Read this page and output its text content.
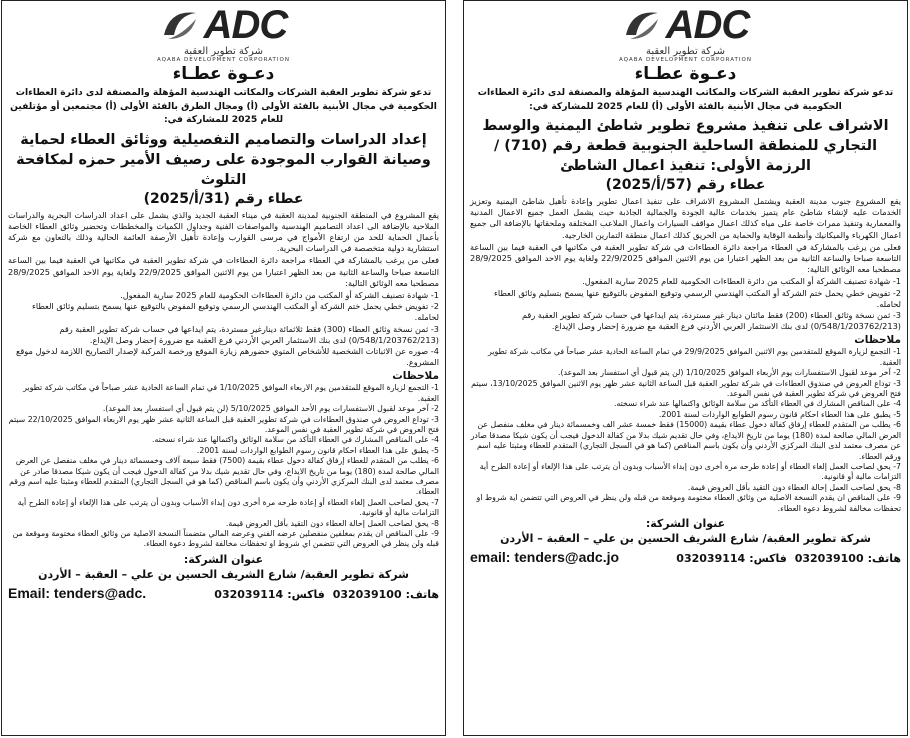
ADC
شركة تطوير العقبة
AQABA DEVELOPMENT CORPORATION
دعـوة عطـاء
تدعو شركة تطوير العقبة الشركات والمكاتب الهندسية المؤهلة والمصنفة لدى دائرة العطاءات الحكومية في مجال الأبنية بالفئة الأولى (أ) للعام 2025 للمشاركة في:
الاشراف على تنفيذ مشروع تطوير شاطئ اليمنية والوسط التجاري للمنطقة الساحلية الجنوبية قطعة رقم (710) / الرزمة الأولى: تنفيذ اعمال الشاطئ
عطاء رقم (57/أ/2025)

يقع المشروع جنوب مدينة العقبة ويشتمل المشروع الاشراف على تنفيذ اعمال تطوير وإعادة تأهيل شاطئ اليمنية وتعزيز الخدمات عليه لإنشاء شاطئ عام يتميز بخدمات عالية الجودة والجمالية الجاذبة حيث يشمل العمل جميع الاعمال المدنية والمعمارية وتنفيذ ممرات خاصة على مياه كذلك اعمال مواقف السيارات واعمال الملاعب المختلفة وملحقاتها بالإضافة الى جميع اعمال الكهرباء والميكانيك وأنظمة الوقاية والحماية من الحريق كذلك اعمال منطقة التمارين الخارجية.

فعلى من يرغب بالمشاركة في العطاء مراجعة دائرة العطاءات في شركة تطوير العقبة في مكاتبها في العقبة فيما بين الساعة التاسعة صباحا والساعة الثانية من بعد الظهر اعتبارا من يوم الاثنين الموافق 22/9/2025 ولغاية يوم الاحد الموافق 28/9/2025 مصطحبا معه الوثائق التالية:

1- شهادة تصنيف الشركة أو المكتب من دائرة العطاءات الحكومية للعام 2025 سارية المفعول.
2- تفويض خطي يحمل ختم الشركة أو المكتب الهندسي الرسمي وتوقيع المفوض بالتوقيع عنها يسمح بتسليم وثائق العطاء لحامله.
3- ثمن نسخة وثائق العطاء (200) فقط مائتان دينار غير مستردة، يتم ايداعها في حساب شركة تطوير العقبة رقم (0/548/1/203762/213) لدى بنك الاستثمار العربي الأردني فرع العقبة مع ضرورة إحضار وصل الإيداع.
ملاحظات
1- التجمع لزيارة الموقع للمتقدمين يوم الاثنين الموافق 29/9/2025 في تمام الساعة الحادية عشر صباحاً في مكاتب شركة تطوير العقبة.
2- آخر موعد لقبول الاستفسارات يوم الأربعاء الموافق 1/10/2025 (لن يتم قبول أي استفسار بعد الموعد).
3- توداع العروض في صندوق العطاءات في شركة تطوير العقبة قبل الساعة الثانية عشر ظهر يوم الاثنين الموافق 13/10/2025، سيتم فتح العروض في شركة تطوير العقبة في نفس الموعد.
4- على المناقص المشارك في العطاء التأكد من سلامة الوثائق واكتمالها عند شراء نسخته.
5- يطبق على هذا العطاء احكام قانون رسوم الطوابع الواردات لسنة 2001.
6- يطلب من المتقدم للعطاء إرفاق كفالة دخول عطاء بقيمة (15000) فقط خمسة عشر الف وخمسمائة دينار في مغلف منفصل عن العرض المالي صالحة لمدة (180) يوما من تاريخ الايداع، وفي حال تقديم شيك بدلا من كفالة الدخول فيجب أن يكون شيكا مصدقا صادر عن مصرف معتمد لدى البنك المركزي الأردني وأن يكون باسم المناقص (كما هو في السجل التجاري) المتقدم للعطاء ومثبتا عليه اسم ورقم العطاء.
7- يحق لصاحب العمل إلغاء العطاء أو إعادة طرحه مرة أخرى دون إبداء الأسباب وبدون أن يترتب على هذا الإلغاء أو إعادة الطرح أية التزامات مالية أو قانونية.
8- يحق لصاحب العمل إحالة العطاء دون التقيد بأقل العروض قيمة.
9- على المناقص ان يقدم النسخة الاصلية من وثائق العطاء مختومة وموقعة من قبله ولن ينظر في العروض التي تتضمن اية شروط او تحفظات مخالفة لشروط دعوة العطاء.
عنوان الشركة:
شركة تطوير العقبة/ شارع الشريف الحسين بن علي – العقبة – الأردن
email: tenders@adc.jo	هاتف:032039100 فاكس:032039114
ADC
شركة تطوير العقبة
AQABA DEVELOPMENT CORPORATION
دعـوة عطـاء
تدعو شركة تطوير العقبة الشركات والمكاتب الهندسية المؤهلة والمصنفة لدى دائرة العطاءات الحكومية في مجال الأبنية بالفئة الأولى (أ) ومجال الطرق بالفئة الأولى (أ) مجتمعين أو مؤتلفين للعام 2025 للمشاركة في:
إعداد الدراسات والتصاميم التفصيلية ووثائق العطاء لحماية وصيانة القوارب الموجودة على رصيف الأمير حمزه لمكافحة التلوث
عطاء رقم (31/أ/2025)

يقع المشروع في المنطقة الجنوبية لمدينة العقبة في ميناء العقبة الجديد والذي يشمل على اعداد الدراسات البحرية والدراسات الملاحية بالإضافة الى اعداد التصاميم الهندسية والمواصفات الفنية وجداول الكميات والمخططات وتحضير وثائق العطاء الخاصة بأعمال الحماية للحد من ارتفاع الأمواج في مرسى القوارب وإعادة تأهيل الأرصفة العائمة الحالية وذلك بالتعاون مع شركة استشارية دولية متخصصة في الدراسات البحرية.

فعلى من يرغب بالمشاركة في العطاء مراجعة دائرة العطاءات في شركة تطوير العقبة في مكاتبها في العقبة فيما بين الساعة التاسعة صباحا والساعة الثانية من بعد الظهر اعتبارا من يوم الاثنين الموافق 22/9/2025 ولغاية يوم الاحد الموافق 28/9/2025 مصطحبا معه الوثائق التالية:

1- شهادة تصنيف الشركة أو المكتب من دائرة العطاءات الحكومية للعام 2025 سارية المفعول.
2- تفويض خطي يحمل ختم الشركة أو المكتب الهندسي الرسمي وتوقيع المفوض بالتوقيع عنها يسمح بتسليم وثائق العطاء لحامله.
3- ثمن نسخة وثائق العطاء (300) فقط ثلاثمائة دينارغير مستردة، يتم ايداعها في حساب شركة تطوير العقبة رقم (0/548/1/203762/213) لدى بنك الاستثمار العربي الأردني فرع العقبة مع ضرورة إحضار وصل الإيداع.
4- صوره عن الاثباتات الشخصية للأشخاص المتوي حضورهم زيارة الموقع ورخصة المركبة لإصدار التصاريح اللازمة لدخول موقع المشروع.
ملاحظات
1- التجمع لزيارة الموقع للمتقدمين يوم الاربعاء الموافق 1/10/2025 في تمام الساعة الحادية عشر صباحاً في مكاتب شركة تطوير العقبة.
2- آخر موعد لقبول الاستفسارات يوم الأحد الموافق 5/10/2025 (لن يتم قبول أي استفسار بعد الموعد).
3- توداع العروض في صندوق العطاءات في شركة تطوير العقبة قبل الساعة الثانية عشر ظهر يوم الاربعاء الموافق 22/10/2025 سيتم فتح العروض في شركة تطوير العقبة في نفس الموعد.
4- على المناقص المشارك في العطاء التأكد من سلامة الوثائق واكتمالها عند شراء نسخته.
5- يطبق على هذا العطاء احكام قانون رسوم الطوابع الواردات لسنة 2001.
6- يطلب من المتقدم للعطاء إرفاق كفالة دخول عطاء بقيمة (7500) فقط سبعة آلاف وخمسمائة دينار في مغلف منفصل عن العرض المالي صالحة لمدة (180) يوما من تاريخ الايداع، وفي حال تقديم شيك بدلا من كفالة الدخول فيجب أن يكون شيكا مصدقا صادر عن مصرف معتمد لدى البنك المركزي الأردني وأن يكون باسم المناقص (كما هو في السجل التجاري) المتقدم للعطاء ومثبتا عليه اسم ورقم العطاء.
7- يحق لصاحب العمل إلغاء العطاء أو إعادة طرحه مرة أخرى دون إبداء الأسباب وبدون أن يترتب على هذا الإلغاء أو إعادة الطرح أية التزامات مالية أو قانونية.
8- يحق لصاحب العمل إحالة العطاء دون التقيد بأقل العروض قيمة.
9- على المناقص ان يقدم بمغلفين منفصلين عرضه الفني وعرضه المالي متضمناً النسخة الاصلية من وثائق العطاء مختومة وموقعة من قبله ولن ينظر في العروض التي تتضمن اي شروط او تحفظات مخالفة لشروط دعوة العطاء.
عنوان الشركة:
شركة تطوير العقبة/ شارع الشريف الحسين بن علي – العقبة – الأردن
Email: tenders@adc.	هاتف:032039100 فاكس:032039114
